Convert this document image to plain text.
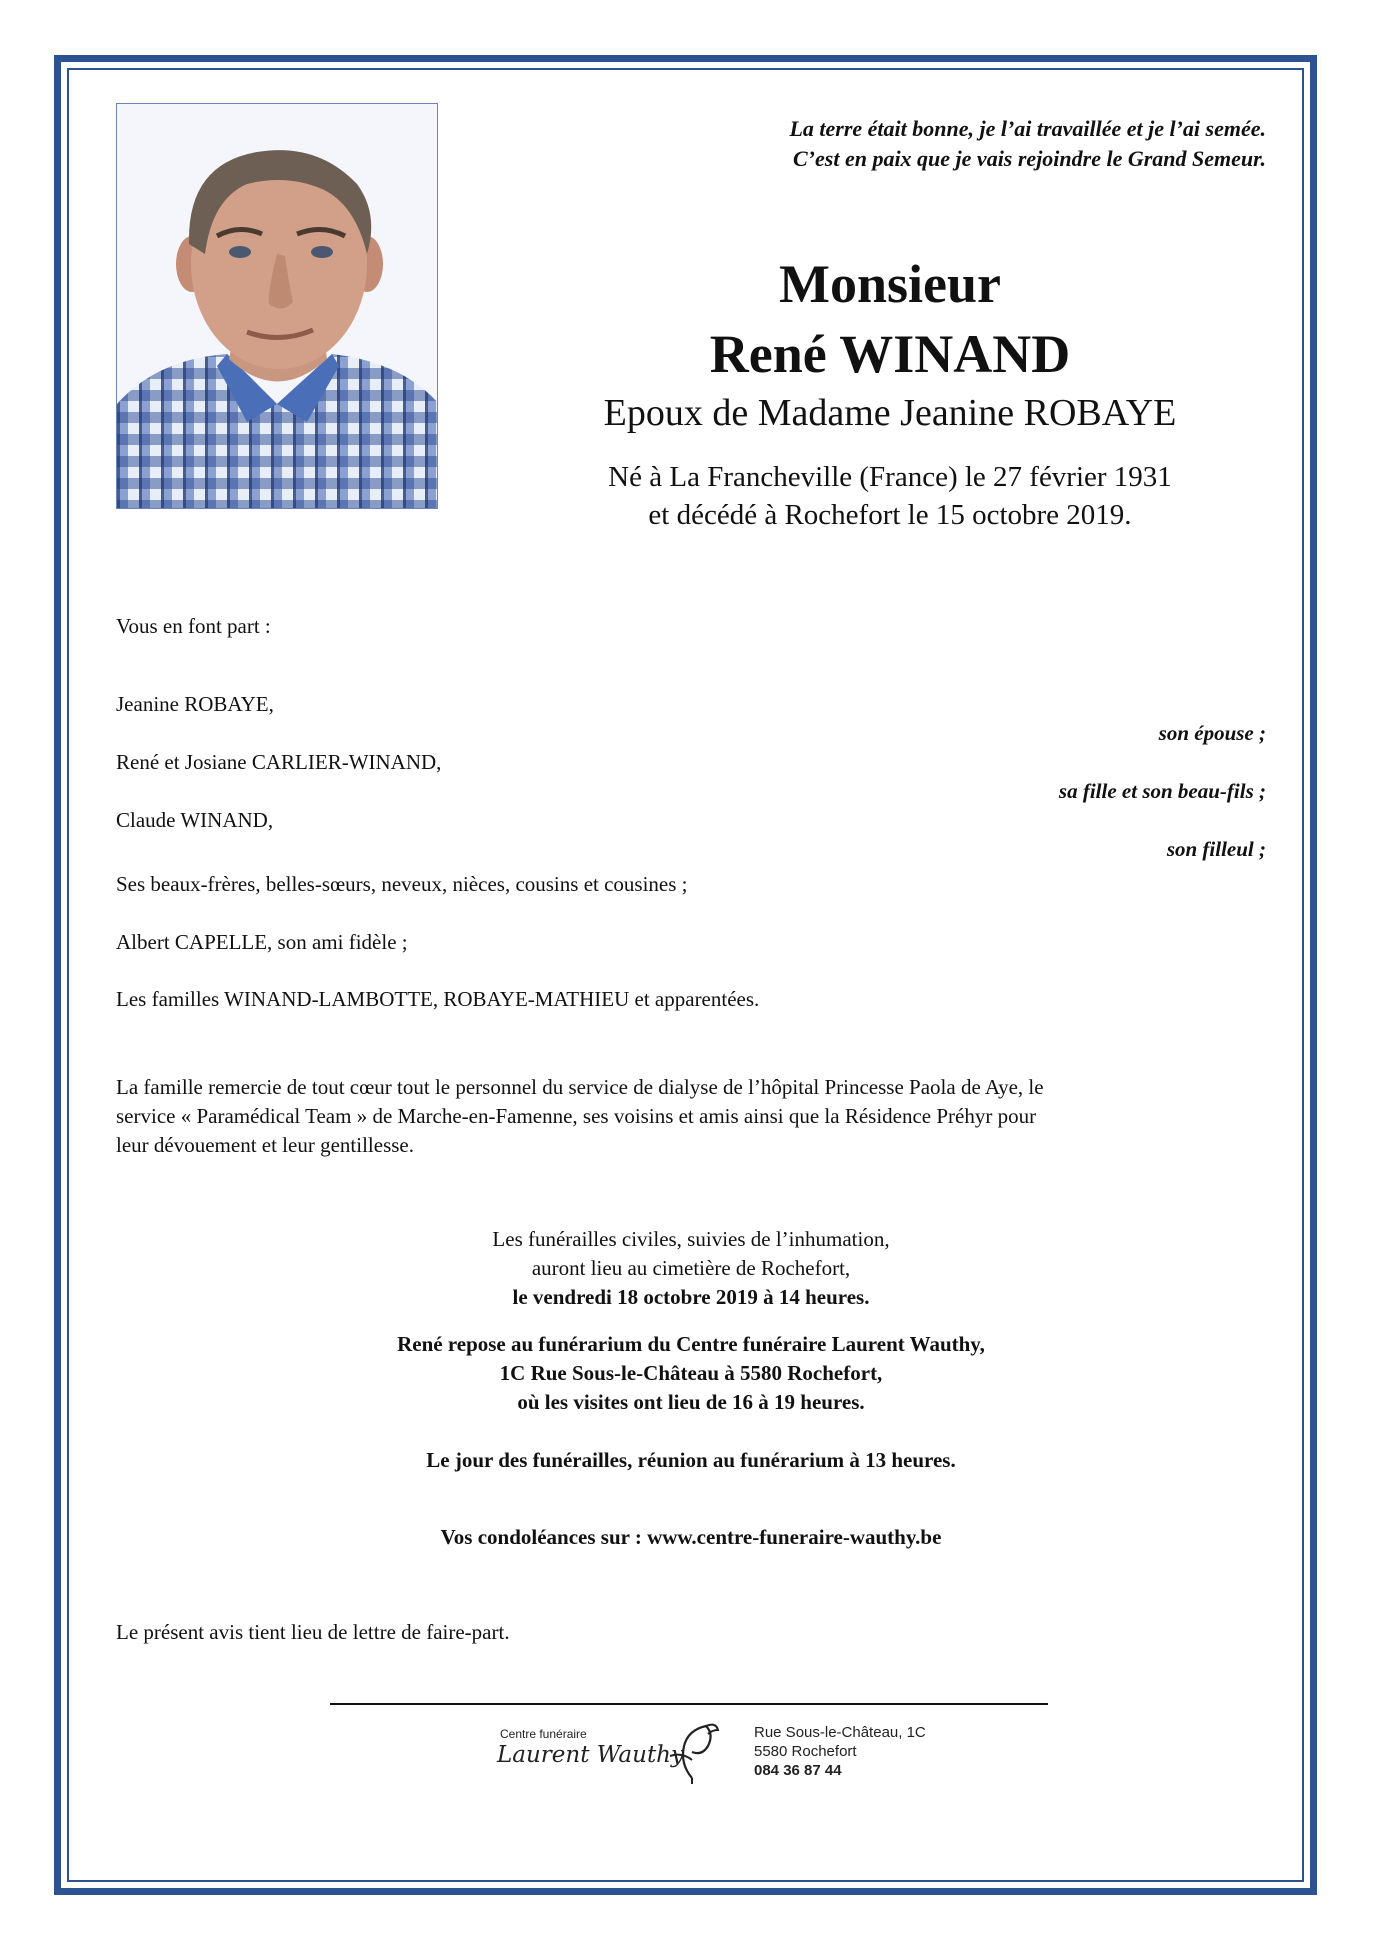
La terre était bonne, je l’ai travaillée et je l’ai semée.
C’est en paix que je vais rejoindre le Grand Semeur.
Monsieur
René WINAND
Epoux de Madame Jeanine ROBAYE
Né à La Francheville (France) le 27 février 1931
et décédé à Rochefort le 15 octobre 2019.
Vous en font part :
Jeanine ROBAYE,
son épouse ;
René et Josiane CARLIER-WINAND,
sa fille et son beau-fils ;
Claude WINAND,
son filleul ;
Ses beaux-frères, belles-sœurs, neveux, nièces, cousins et cousines ;
Albert CAPELLE, son ami fidèle ;
Les familles WINAND-LAMBOTTE, ROBAYE-MATHIEU et apparentées.
La famille remercie de tout cœur tout le personnel du service de dialyse de l’hôpital Princesse Paola de Aye, le
service « Paramédical Team » de Marche-en-Famenne, ses voisins et amis ainsi que la Résidence Préhyr pour
leur dévouement et leur gentillesse.
Les funérailles civiles, suivies de l’inhumation,
auront lieu au cimetière de Rochefort,
le vendredi 18 octobre 2019 à 14 heures.
René repose au funérarium du Centre funéraire Laurent Wauthy,
1C Rue Sous-le-Château à 5580 Rochefort,
où les visites ont lieu de 16 à 19 heures.
Le jour des funérailles, réunion au funérarium à 13 heures.
Vos condoléances sur : www.centre-funeraire-wauthy.be
Le présent avis tient lieu de lettre de faire-part.
Centre funéraire
Laurent Wauthy
Rue Sous-le-Château, 1C
5580 Rochefort
084 36 87 44
